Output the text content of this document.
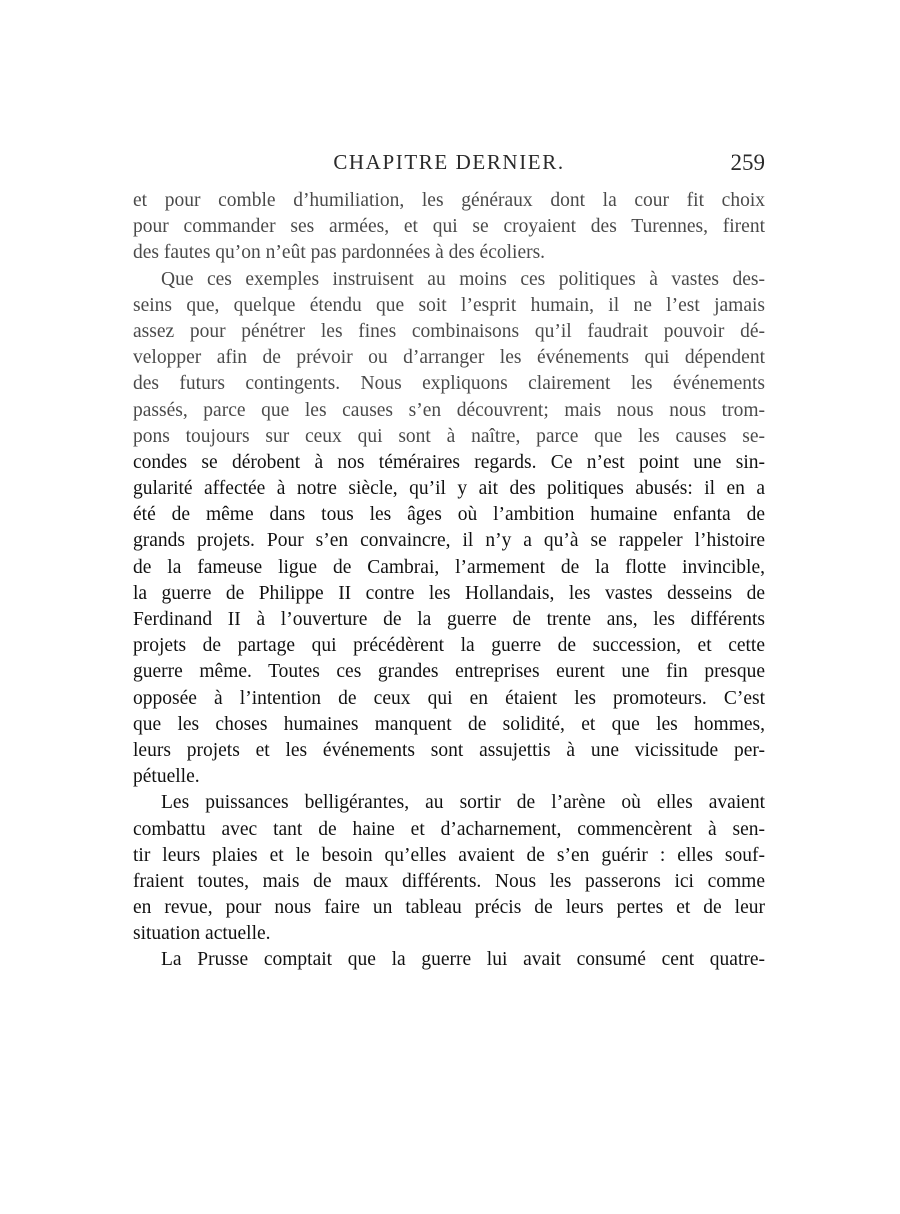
CHAPITRE DERNIER.	259
et pour comble d’humiliation, les généraux dont la cour fit choix
pour commander ses armées, et qui se croyaient des Turennes, firent
des fautes qu’on n’eût pas pardonnées à des écoliers.
Que ces exemples instruisent au moins ces politiques à vastes des-
seins que, quelque étendu que soit l’esprit humain, il ne l’est jamais
assez pour pénétrer les fines combinaisons qu’il faudrait pouvoir dé-
velopper afin de prévoir ou d’arranger les événements qui dépendent
des futurs contingents. Nous expliquons clairement les événements
passés, parce que les causes s’en découvrent; mais nous nous trom-
pons toujours sur ceux qui sont à naître, parce que les causes se-
condes se dérobent à nos téméraires regards. Ce n’est point une sin-
gularité affectée à notre siècle, qu’il y ait des politiques abusés: il en a
été de même dans tous les âges où l’ambition humaine enfanta de
grands projets. Pour s’en convaincre, il n’y a qu’à se rappeler l’histoire
de la fameuse ligue de Cambrai, l’armement de la flotte invincible,
la guerre de Philippe II contre les Hollandais, les vastes desseins de
Ferdinand II à l’ouverture de la guerre de trente ans, les différents
projets de partage qui précédèrent la guerre de succession, et cette
guerre même. Toutes ces grandes entreprises eurent une fin presque
opposée à l’intention de ceux qui en étaient les promoteurs. C’est
que les choses humaines manquent de solidité, et que les hommes,
leurs projets et les événements sont assujettis à une vicissitude per-
pétuelle.
Les puissances belligérantes, au sortir de l’arène où elles avaient
combattu avec tant de haine et d’acharnement, commencèrent à sen-
tir leurs plaies et le besoin qu’elles avaient de s’en guérir : elles souf-
fraient toutes, mais de maux différents. Nous les passerons ici comme
en revue, pour nous faire un tableau précis de leurs pertes et de leur
situation actuelle.
La Prusse comptait que la guerre lui avait consumé cent quatre-
